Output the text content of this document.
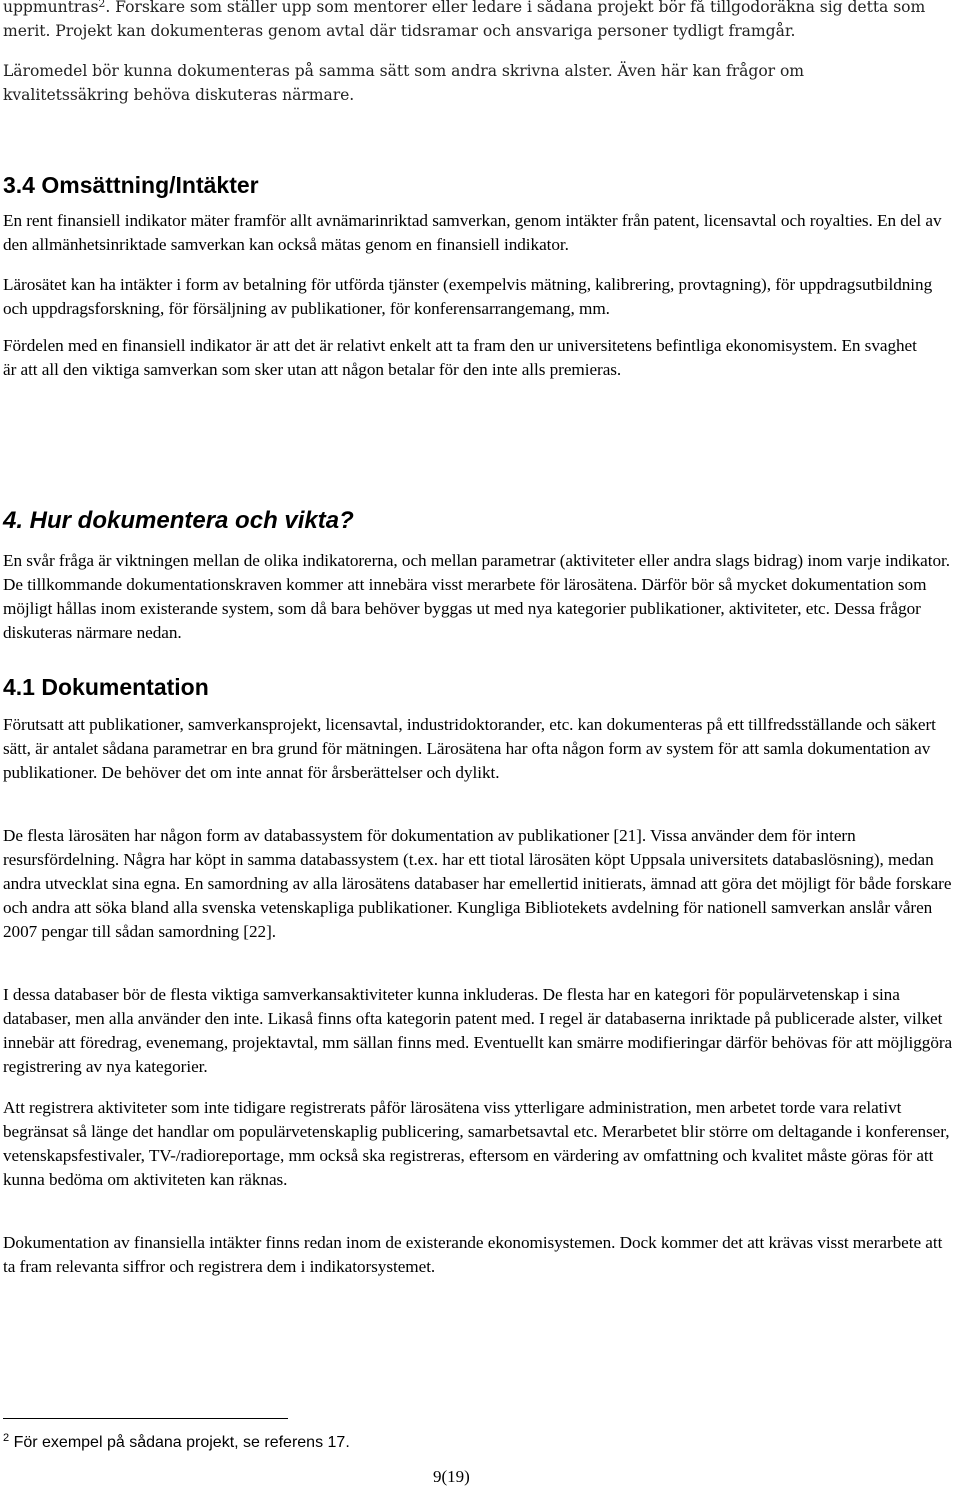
uppmuntras$^2$. Forskare som ställer upp som mentorer eller ledare i sådana projekt bör få tillgodoräkna sig detta som merit. Projekt kan dokumenteras genom avtal där tidsramar och ansvariga personer tydligt framgår.

Läromedel bör kunna dokumenteras på samma sätt som andra skrivna alster. Även här kan frågor om kvalitetssäkring behöva diskuteras närmare.

3.4 Omsättning/Intäkter

En rent finansiell indikator mäter framför allt avnämarinriktad samverkan, genom intäkter från patent, licensavtal och royalties. En del av den allmänhetsinriktade samverkan kan också mätas genom en finansiell indikator.

Lärosätet kan ha intäkter i form av betalning för utförda tjänster (exempelvis mätning, kalibrering, provtagning), för uppdragsutbildning och uppdragsforskning, för försäljning av publikationer, för konferensarrangemang, mm.

Fördelen med en finansiell indikator är att det är relativt enkelt att ta fram den ur universitetens befintliga ekonomisystem. En svaghet är att all den viktiga samverkan som sker utan att någon betalar för den inte alls premieras.

4. Hur dokumentera och vikta?

En svår fråga är viktningen mellan de olika indikatorerna, och mellan parametrar (aktiviteter eller andra slags bidrag) inom varje indikator. De tillkommande dokumentationskraven kommer att innebära visst merarbete för lärosätena. Därför bör så mycket dokumentation som möjligt hållas inom existerande system, som då bara behöver byggas ut med nya kategorier publikationer, aktiviteter, etc. Dessa frågor diskuteras närmare nedan.

4.1 Dokumentation

Förutsatt att publikationer, samverkansprojekt, licensavtal, industridoktorander, etc. kan dokumenteras på ett tillfredsställande och säkert sätt, är antalet sådana parametrar en bra grund för mätningen. Lärosätena har ofta någon form av system för att samla dokumentation av publikationer. De behöver det om inte annat för årsberättelser och dylikt.

De flesta lärosäten har någon form av databassystem för dokumentation av publikationer [21]. Vissa använder dem för intern resursfördelning. Några har köpt in samma databassystem (t.ex. har ett tiotal lärosäten köpt Uppsala universitets databaslösning), medan andra utvecklat sina egna. En samordning av alla lärosätens databaser har emellertid initierats, ämnad att göra det möjligt för både forskare och andra att söka bland alla svenska vetenskapliga publikationer. Kungliga Bibliotekets avdelning för nationell samverkan anslår våren 2007 pengar till sådan samordning [22].

I dessa databaser bör de flesta viktiga samverkansaktiviteter kunna inkluderas. De flesta har en kategori för populärvetenskap i sina databaser, men alla använder den inte. Likaså finns ofta kategorin patent med. I regel är databaserna inriktade på publicerade alster, vilket innebär att föredrag, evenemang, projektavtal, mm sällan finns med. Eventuellt kan smärre modifieringar därför behövas för att möjliggöra registrering av nya kategorier.

Att registrera aktiviteter som inte tidigare registrerats påför lärosätena viss ytterligare administration, men arbetet torde vara relativt begränsat så länge det handlar om populärvetenskaplig publicering, samarbetsavtal etc. Merarbetet blir större om deltagande i konferenser, vetenskapsfestivaler, TV-/radioreportage, mm också ska registreras, eftersom en värdering av omfattning och kvalitet måste göras för att kunna bedöma om aktiviteten kan räknas.

Dokumentation av finansiella intäkter finns redan inom de existerande ekonomisystemen. Dock kommer det att krävas visst merarbete att ta fram relevanta siffror och registrera dem i indikatorsystemet.

$^2$ För exempel på sådana projekt, se referens 17.
9(19)
